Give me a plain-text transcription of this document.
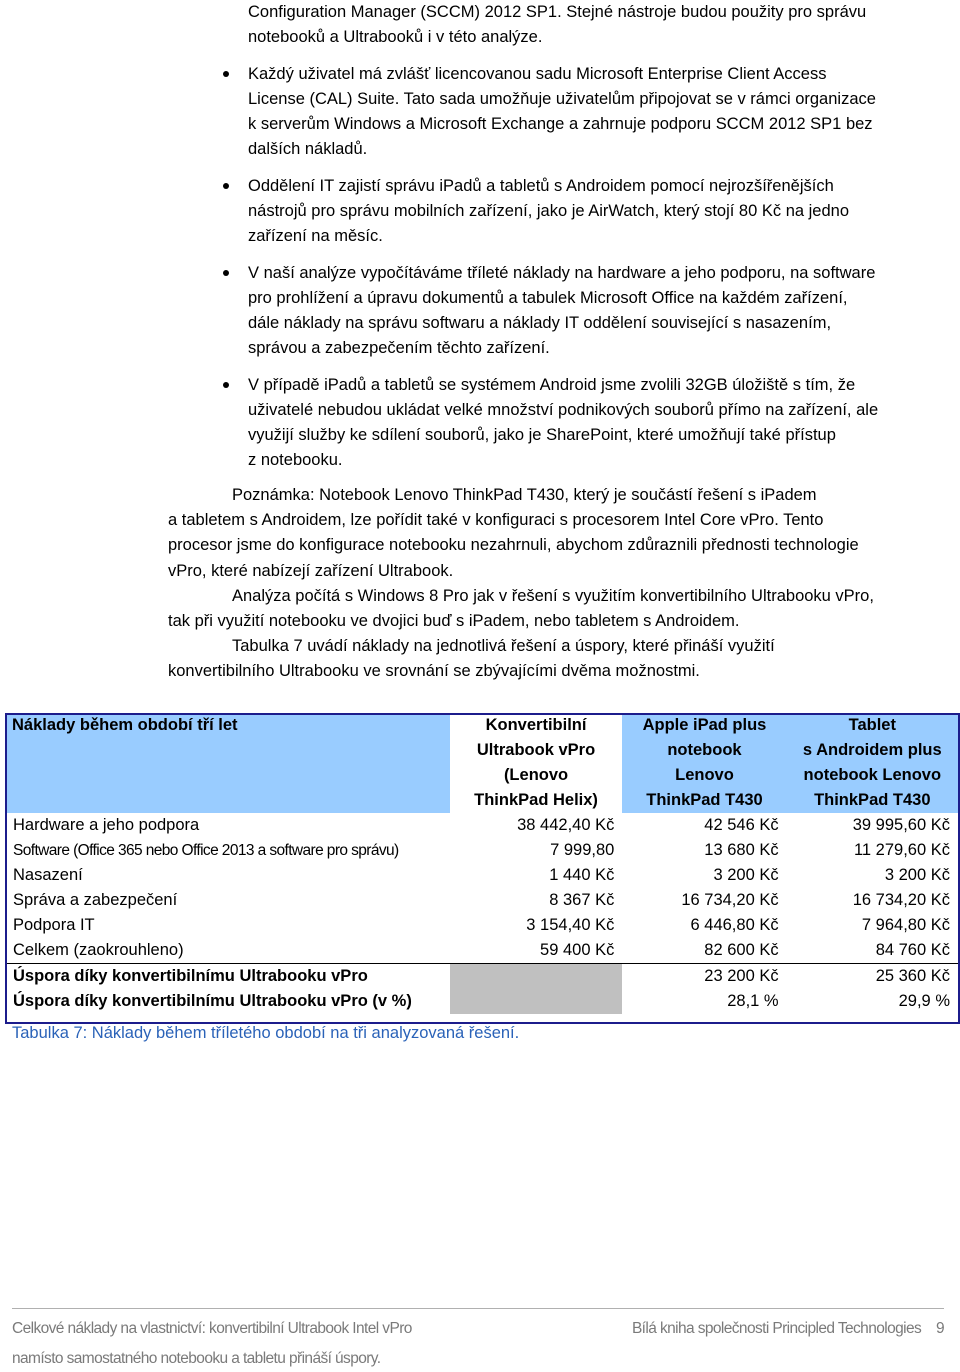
Configuration Manager (SCCM) 2012 SP1. Stejné nástroje budou použity pro správu
notebooků a Ultrabooků i v této analýze.
Každý uživatel má zvlášť licencovanou sadu Microsoft Enterprise Client Access
License (CAL) Suite. Tato sada umožňuje uživatelům připojovat se v rámci organizace
k serverům Windows a Microsoft Exchange a zahrnuje podporu SCCM 2012 SP1 bez
dalších nákladů.
Oddělení IT zajistí správu iPadů a tabletů s Androidem pomocí nejrozšířenějších
nástrojů pro správu mobilních zařízení, jako je AirWatch, který stojí 80 Kč na jedno
zařízení na měsíc.
V naší analýze vypočítáváme tříleté náklady na hardware a jeho podporu, na software
pro prohlížení a úpravu dokumentů a tabulek Microsoft Office na každém zařízení,
dále náklady na správu softwaru a náklady IT oddělení související s nasazením,
správou a zabezpečením těchto zařízení.
V případě iPadů a tabletů se systémem Android jsme zvolili 32GB úložiště s tím, že
uživatelé nebudou ukládat velké množství podnikových souborů přímo na zařízení, ale
využijí služby ke sdílení souborů, jako je SharePoint, které umožňují také přístup
z notebooku.

Poznámka: Notebook Lenovo ThinkPad T430, který je součástí řešení s iPadem
a tabletem s Androidem, lze pořídit také v konfiguraci s procesorem Intel Core vPro. Tento
procesor jsme do konfigurace notebooku nezahrnuli, abychom zdůraznili přednosti technologie
vPro, které nabízejí zařízení Ultrabook.

Analýza počítá s Windows 8 Pro jak v řešení s využitím konvertibilního Ultrabooku vPro,
tak při využití notebooku ve dvojici buď s iPadem, nebo tabletem s Androidem.

Tabulka 7 uvádí náklady na jednotlivá řešení a úspory, které přináší využití
konvertibilního Ultrabooku ve srovnání se zbývajícími dvěma možnostmi.

Náklady během období tří let	Konvertibilní
Ultrabook vPro
(Lenovo
ThinkPad Helix)	Apple iPad plus
notebook
Lenovo
ThinkPad T430	Tablet
s Androidem plus
notebook Lenovo
ThinkPad T430
Hardware a jeho podpora	38 442,40 Kč	42 546 Kč	39 995,60 Kč
Software (Office 365 nebo Office 2013 a software pro správu)	7 999,80	13 680 Kč	11 279,60 Kč
Nasazení	1 440 Kč	3 200 Kč	3 200 Kč
Správa a zabezpečení	8 367 Kč	16 734,20 Kč	16 734,20 Kč
Podpora IT	3 154,40 Kč	6 446,80 Kč	7 964,80 Kč
Celkem (zaokrouhleno)	59 400 Kč	82 600 Kč	84 760 Kč
Úspora díky konvertibilnímu Ultrabooku vPro		23 200 Kč	25 360 Kč
Úspora díky konvertibilnímu Ultrabooku vPro (v %)		28,1 %	29,9 %
Tabulka 7: Náklady během tříletého období na tři analyzovaná řešení.
Celkové náklady na vlastnictví: konvertibilní Ultrabook Intel vPro
namísto samostatného notebooku a tabletu přináší úspory.
Bílá kniha společnosti Principled Technologies 9
